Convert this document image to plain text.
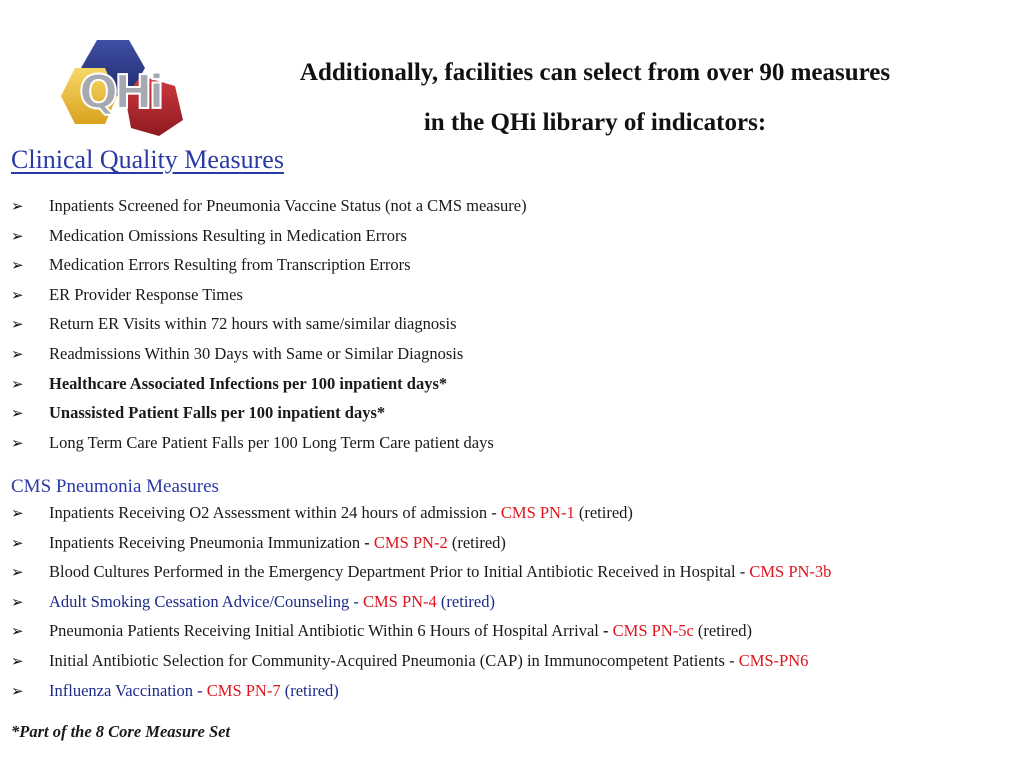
QHi	Additionally, facilities can select from over 90 measures
in the QHi library of indicators:
Clinical Quality Measures
➢ Inpatients Screened for Pneumonia Vaccine Status (not a CMS measure)
➢ Medication Omissions Resulting in Medication Errors
➢ Medication Errors Resulting from Transcription Errors
➢ ER Provider Response Times
➢ Return ER Visits within 72 hours with same/similar diagnosis
➢ Readmissions Within 30 Days with Same or Similar Diagnosis
➢ Healthcare Associated Infections per 100 inpatient days*
➢ Unassisted Patient Falls per 100 inpatient days*
➢ Long Term Care Patient Falls per 100 Long Term Care patient days
CMS Pneumonia Measures
➢ Inpatients Receiving O2 Assessment within 24 hours of admission - CMS PN-1 (retired)
➢ Inpatients Receiving Pneumonia Immunization - CMS PN-2 (retired)
➢ Blood Cultures Performed in the Emergency Department Prior to Initial Antibiotic Received in Hospital - CMS PN-3b
➢ Adult Smoking Cessation Advice/Counseling - CMS PN-4 (retired)
➢ Pneumonia Patients Receiving Initial Antibiotic Within 6 Hours of Hospital Arrival - CMS PN-5c (retired)
➢ Initial Antibiotic Selection for Community-Acquired Pneumonia (CAP) in Immunocompetent Patients - CMS-PN6
➢ Influenza Vaccination - CMS PN-7 (retired)
*Part of the 8 Core Measure Set
